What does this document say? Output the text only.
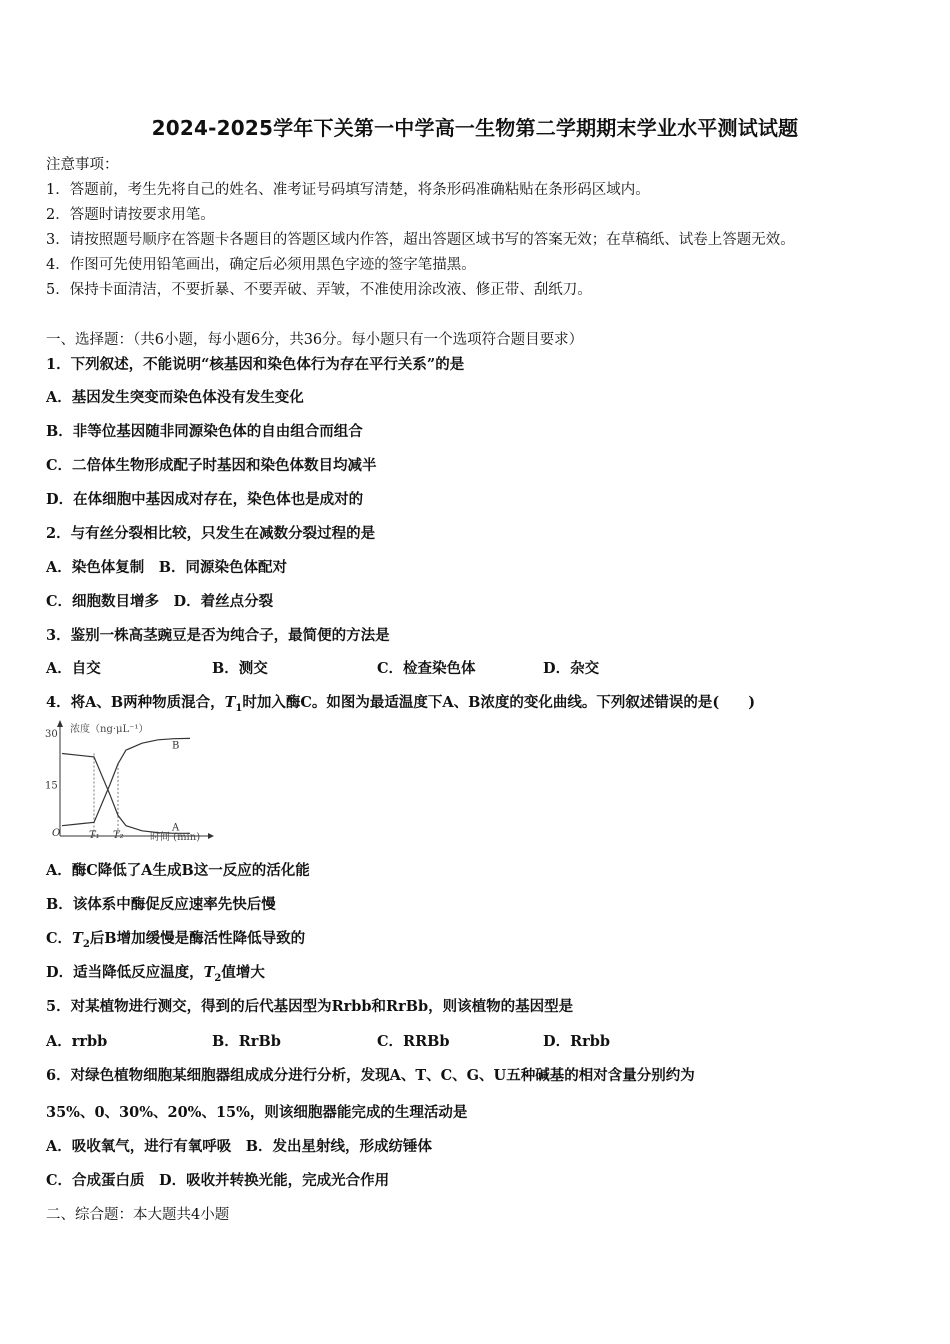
2024-2025学年下关第一中学高一生物第二学期期末学业水平测试试题
注意事项：
1．答题前，考生先将自己的姓名、准考证号码填写清楚，将条形码准确粘贴在条形码区域内。
2．答题时请按要求用笔。
3．请按照题号顺序在答题卡各题目的答题区域内作答，超出答题区域书写的答案无效；在草稿纸、试卷上答题无效。
4．作图可先使用铅笔画出，确定后必须用黑色字迹的签字笔描黑。
5．保持卡面清洁，不要折暴、不要弄破、弄皱，不准使用涂改液、修正带、刮纸刀。
一、选择题：（共6小题，每小题6分，共36分。每小题只有一个选项符合题目要求）
1．下列叙述，不能说明“核基因和染色体行为存在平行关系”的是
A．基因发生突变而染色体没有发生变化
B．非等位基因随非同源染色体的自由组合而组合
C．二倍体生物形成配子时基因和染色体数目均减半
D．在体细胞中基因成对存在，染色体也是成对的
2．与有丝分裂相比较，只发生在减数分裂过程的是
A．染色体复制　B．同源染色体配对
C．细胞数目增多　D．着丝点分裂
3．鉴别一株高茎豌豆是否为纯合子，最简便的方法是
A．自交	B．测交	C．检查染色体	D．杂交
4．将A、B两种物质混合，$T_1$时加入酶C。如图为最适温度下A、B浓度的变化曲线。下列叙述错误的是(　　)
浓度（ng·μL⁻¹）
时间 (min)
30
15
O	T₁ T₂
A
B
A．酶C降低了A生成B这一反应的活化能
B．该体系中酶促反应速率先快后慢
C．$T_2$后B增加缓慢是酶活性降低导致的
D．适当降低反应温度，$T_2$值增大
5．对某植物进行测交，得到的后代基因型为Rrbb和RrBb，则该植物的基因型是
A．rrbb	B．RrBb	C．RRBb	D．Rrbb
6．对绿色植物细胞某细胞器组成成分进行分析，发现A、T、C、G、U五种碱基的相对含量分别约为
35%、0、30%、20%、15%，则该细胞器能完成的生理活动是
A．吸收氧气，进行有氧呼吸　B．发出星射线，形成纺锤体
C．合成蛋白质　D．吸收并转换光能，完成光合作用
二、综合题：本大题共4小题
